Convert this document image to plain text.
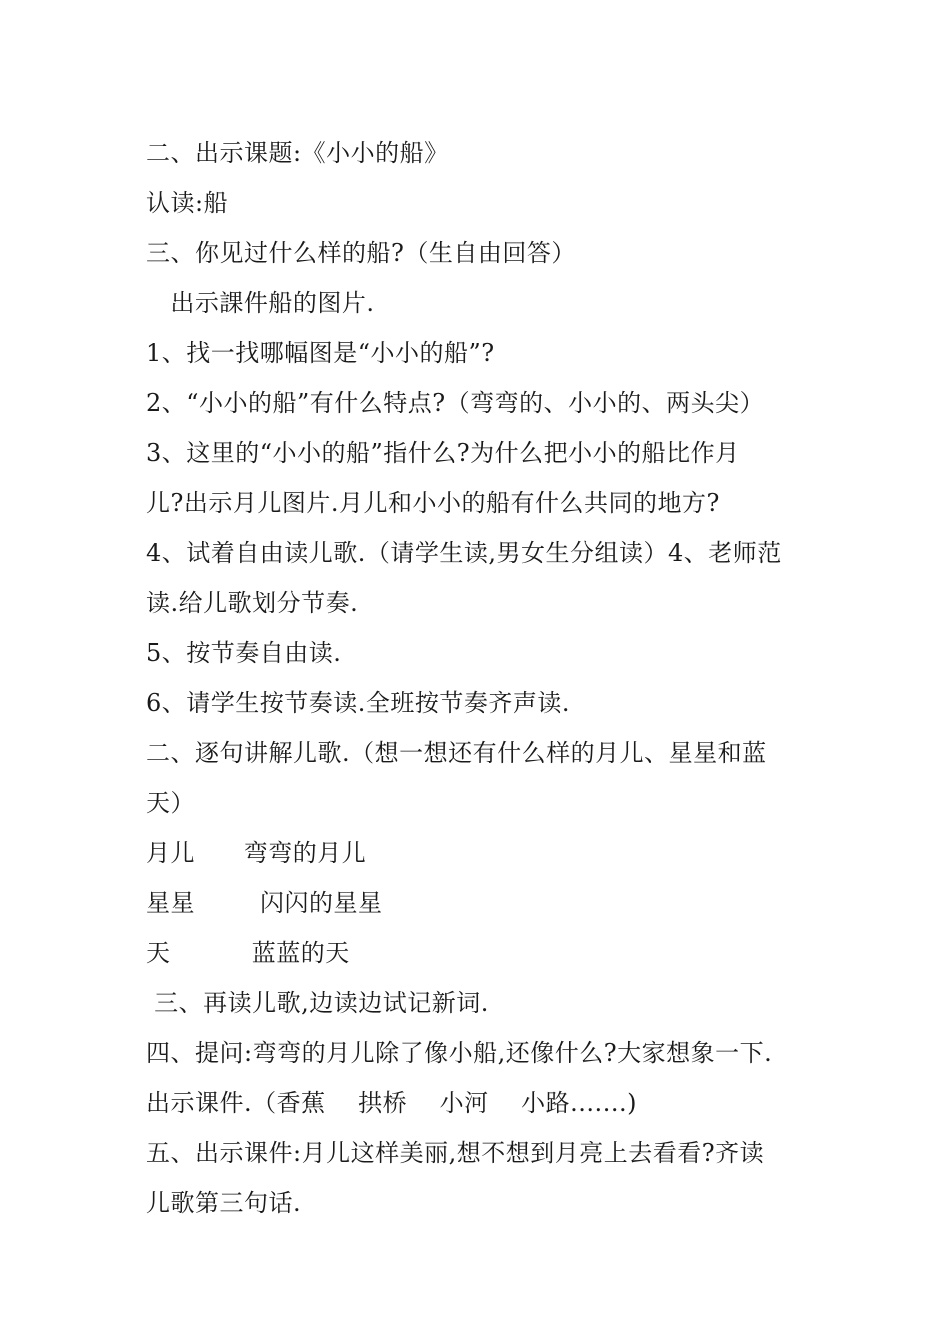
二、出示课题:《小小的船》
认读:船
三、你见过什么样的船?（生自由回答）
出示課件船的图片.
1、找一找哪幅图是“小小的船”?
2、“小小的船”有什么特点?（弯弯的、小小的、两头尖）
3、这里的“小小的船”指什么?为什么把小小的船比作月
儿?出示月儿图片.月儿和小小的船有什么共同的地方?
4、试着自由读儿歌.（请学生读,男女生分组读）4、老师范
读.给儿歌划分节奏.
5、按节奏自由读.
6、请学生按节奏读.全班按节奏齐声读.
二、逐句讲解儿歌.（想一想还有什么样的月儿、星星和蓝
天）
月儿      弯弯的月儿
星星        闪闪的星星
天          蓝蓝的天
三、再读儿歌,边读边试记新词.
四、提问:弯弯的月儿除了像小船,还像什么?大家想象一下.
出示课件.（香蕉    拱桥    小河    小路.......)
五、出示课件:月儿这样美丽,想不想到月亮上去看看?齐读
儿歌第三句话.
